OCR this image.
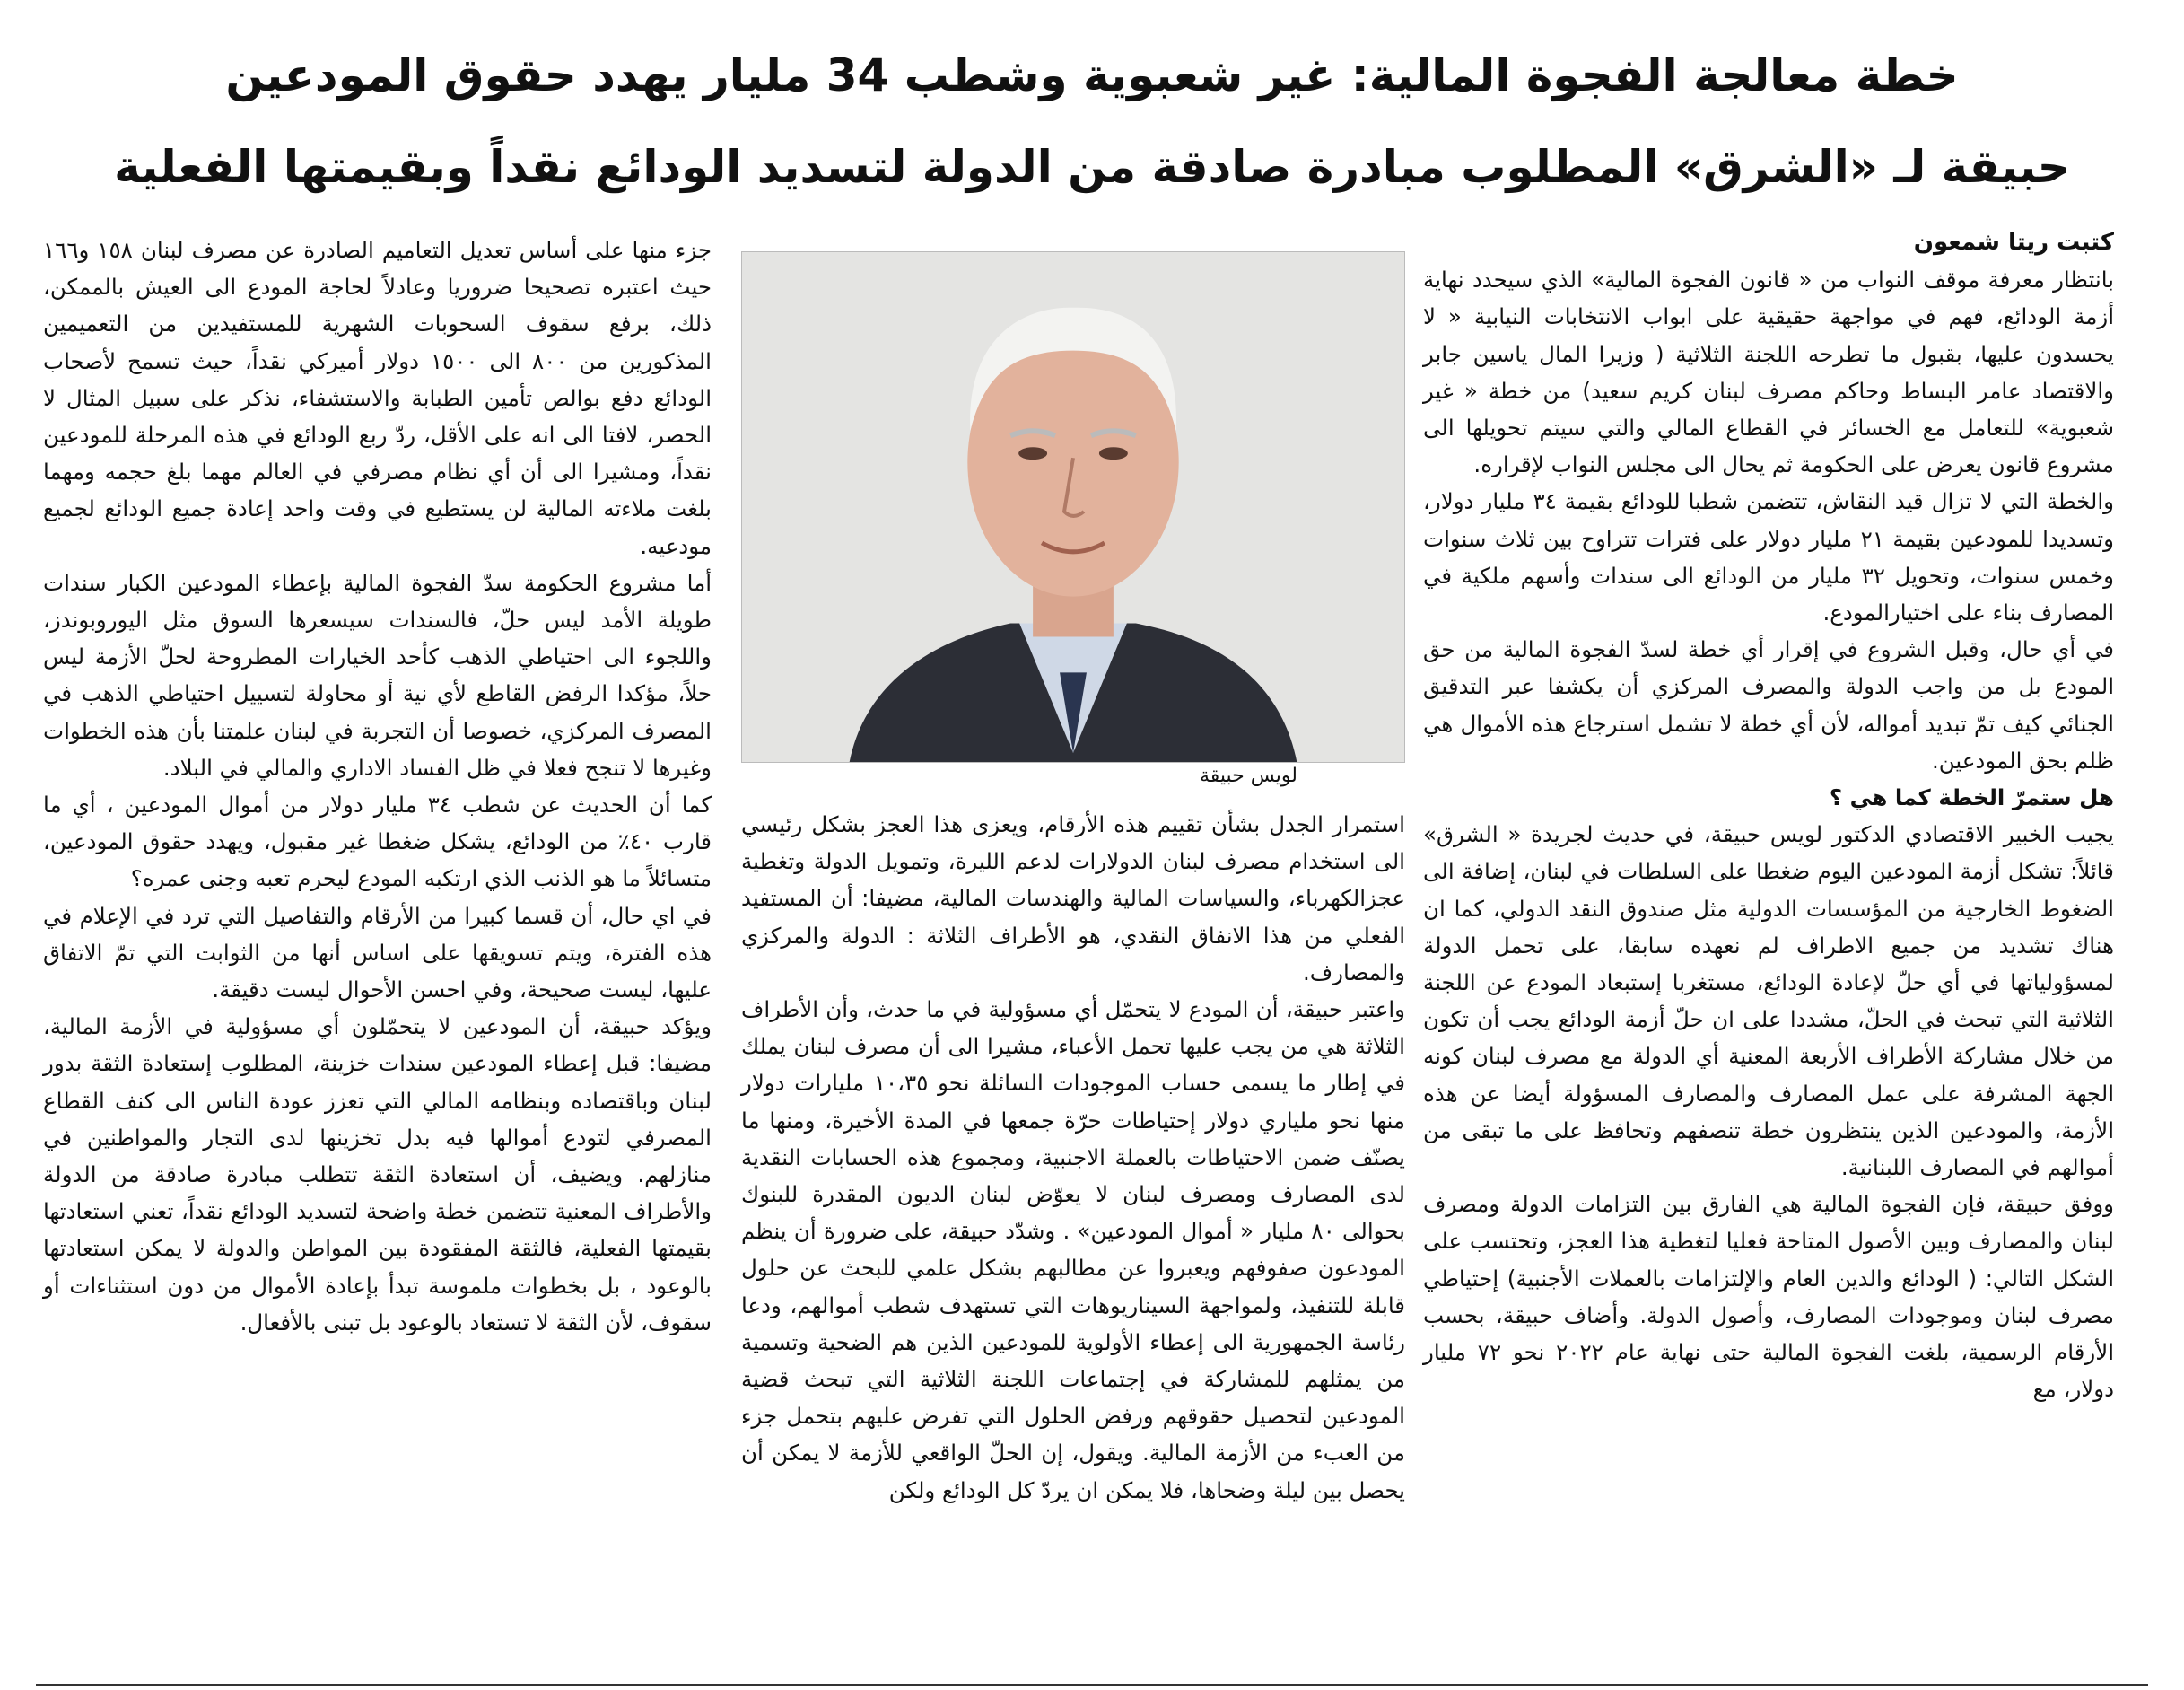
خطة معالجة الفجوة المالية: غير شعبوية وشطب 34 مليار يهدد حقوق المودعين
حبيقة لـ «الشرق» المطلوب مبادرة صادقة من الدولة لتسديد الودائع نقداً وبقيمتها الفعلية

كتبت ريتا شمعون

بانتظار معرفة موقف النواب من « قانون الفجوة المالية» الذي سيحدد نهاية أزمة الودائع، فهم في مواجهة حقيقية على ابواب الانتخابات النيابية « لا يحسدون عليها، بقبول ما تطرحه اللجنة الثلاثية ( وزيرا المال ياسين جابر والاقتصاد عامر البساط وحاكم مصرف لبنان كريم سعيد) من خطة « غير شعبوية» للتعامل مع الخسائر في القطاع المالي والتي سيتم تحويلها الى مشروع قانون يعرض على الحكومة ثم يحال الى مجلس النواب لإقراره.

والخطة التي لا تزال قيد النقاش، تتضمن شطبا للودائع بقيمة ٣٤ مليار دولار، وتسديدا للمودعين بقيمة ٢١ مليار دولار على فترات تتراوح بين ثلاث سنوات وخمس سنوات، وتحويل ٣٢ مليار من الودائع الى سندات وأسهم ملكية في المصارف بناء على اختيارالمودع.

في أي حال، وقبل الشروع في إقرار أي خطة لسدّ الفجوة المالية من حق المودع بل من واجب الدولة والمصرف المركزي أن يكشفا عبر التدقيق الجنائي كيف تمّ تبديد أمواله، لأن أي خطة لا تشمل استرجاع هذه الأموال هي ظلم بحق المودعين.

هل ستمرّ الخطة كما هي ؟

يجيب الخبير الاقتصادي الدكتور لويس حبيقة، في حديث لجريدة « الشرق» قائلاً: تشكل أزمة المودعين اليوم ضغطا على السلطات في لبنان، إضافة الى الضغوط الخارجية من المؤسسات الدولية مثل صندوق النقد الدولي، كما ان هناك تشديد من جميع الاطراف لم نعهده سابقا، على تحمل الدولة لمسؤولياتها في أي حلّ لإعادة الودائع، مستغربا إستبعاد المودع عن اللجنة الثلاثية التي تبحث في الحلّ، مشددا على ان حلّ أزمة الودائع يجب أن تكون من خلال مشاركة الأطراف الأربعة المعنية أي الدولة مع مصرف لبنان كونه الجهة المشرفة على عمل المصارف والمصارف المسؤولة أيضا عن هذه الأزمة، والمودعين الذين ينتظرون خطة تنصفهم وتحافظ على ما تبقى من أموالهم في المصارف اللبنانية.

ووفق حبيقة، فإن الفجوة المالية هي الفارق بين التزامات الدولة ومصرف لبنان والمصارف وبين الأصول المتاحة فعليا لتغطية هذا العجز، وتحتسب على الشكل التالي: ( الودائع والدين العام والإلتزامات بالعملات الأجنبية) إحتياطي مصرف لبنان وموجودات المصارف، وأصول الدولة. وأضاف حبيقة، بحسب الأرقام الرسمية، بلغت الفجوة المالية حتى نهاية عام ٢٠٢٢ نحو ٧٢ مليار دولار، مع

لويس حبيقة

استمرار الجدل بشأن تقييم هذه الأرقام، ويعزى هذا العجز بشكل رئيسي الى استخدام مصرف لبنان الدولارات لدعم الليرة، وتمويل الدولة وتغطية عجزالكهرباء، والسياسات المالية والهندسات المالية، مضيفا: أن المستفيد الفعلي من هذا الانفاق النقدي، هو الأطراف الثلاثة : الدولة والمركزي والمصارف.

واعتبر حبيقة، أن المودع لا يتحمّل أي مسؤولية في ما حدث، وأن الأطراف الثلاثة هي من يجب عليها تحمل الأعباء، مشيرا الى أن مصرف لبنان يملك في إطار ما يسمى حساب الموجودات السائلة نحو ١٠،٣٥ مليارات دولار منها نحو ملياري دولار إحتياطات حرّة جمعها في المدة الأخيرة، ومنها ما يصنّف ضمن الاحتياطات بالعملة الاجنبية، ومجموع هذه الحسابات النقدية لدى المصارف ومصرف لبنان لا يعوّض لبنان الديون المقدرة للبنوك بحوالى ٨٠ مليار « أموال المودعين» . وشدّد حبيقة، على ضرورة أن ينظم المودعون صفوفهم ويعبروا عن مطالبهم بشكل علمي للبحث عن حلول قابلة للتنفيذ، ولمواجهة السيناريوهات التي تستهدف شطب أموالهم، ودعا رئاسة الجمهورية الى إعطاء الأولوية للمودعين الذين هم الضحية وتسمية من يمثلهم للمشاركة في إجتماعات اللجنة الثلاثية التي تبحث قضية المودعين لتحصيل حقوقهم ورفض الحلول التي تفرض عليهم بتحمل جزء من العبء من الأزمة المالية. ويقول، إن الحلّ الواقعي للأزمة لا يمكن أن يحصل بين ليلة وضحاها، فلا يمكن ان يردّ كل الودائع ولكن

جزء منها على أساس تعديل التعاميم الصادرة عن مصرف لبنان ١٥٨ و١٦٦ حيث اعتبره تصحيحا ضروريا وعادلاً لحاجة المودع الى العيش بالممكن، ذلك، برفع سقوف السحوبات الشهرية للمستفيدين من التعميمين المذكورين من ٨٠٠ الى ١٥٠٠ دولار أميركي نقداً، حيث تسمح لأصحاب الودائع دفع بوالص تأمين الطبابة والاستشفاء، نذكر على سبيل المثال لا الحصر، لافتا الى انه على الأقل، ردّ ربع الودائع في هذه المرحلة للمودعين نقداً، ومشيرا الى أن أي نظام مصرفي في العالم مهما بلغ حجمه ومهما بلغت ملاءته المالية لن يستطيع في وقت واحد إعادة جميع الودائع لجميع مودعيه.

أما مشروع الحكومة سدّ الفجوة المالية بإعطاء المودعين الكبار سندات طويلة الأمد ليس حلّ، فالسندات سيسعرها السوق مثل اليوروبوندز، واللجوء الى احتياطي الذهب كأحد الخيارات المطروحة لحلّ الأزمة ليس حلاً، مؤكدا الرفض القاطع لأي نية أو محاولة لتسييل احتياطي الذهب في المصرف المركزي، خصوصا أن التجربة في لبنان علمتنا بأن هذه الخطوات وغيرها لا تنجح فعلا في ظل الفساد الاداري والمالي في البلاد.

كما أن الحديث عن شطب ٣٤ مليار دولار من أموال المودعين ، أي ما قارب ٤٠٪ من الودائع، يشكل ضغطا غير مقبول، ويهدد حقوق المودعين، متسائلاً ما هو الذنب الذي ارتكبه المودع ليحرم تعبه وجنى عمره؟

في اي حال، أن قسما كبيرا من الأرقام والتفاصيل التي ترد في الإعلام في هذه الفترة، ويتم تسويقها على اساس أنها من الثوابت التي تمّ الاتفاق عليها، ليست صحيحة، وفي احسن الأحوال ليست دقيقة.

ويؤكد حبيقة، أن المودعين لا يتحمّلون أي مسؤولية في الأزمة المالية، مضيفا: قبل إعطاء المودعين سندات خزينة، المطلوب إستعادة الثقة بدور لبنان وباقتصاده وبنظامه المالي التي تعزز عودة الناس الى كنف القطاع المصرفي لتودع أموالها فيه بدل تخزينها لدى التجار والمواطنين في منازلهم. ويضيف، أن استعادة الثقة تتطلب مبادرة صادقة من الدولة والأطراف المعنية تتضمن خطة واضحة لتسديد الودائع نقداً، تعني استعادتها بقيمتها الفعلية، فالثقة المفقودة بين المواطن والدولة لا يمكن استعادتها بالوعود ، بل بخطوات ملموسة تبدأ بإعادة الأموال من دون استثناءات أو سقوف، لأن الثقة لا تستعاد بالوعود بل تبنى بالأفعال.
